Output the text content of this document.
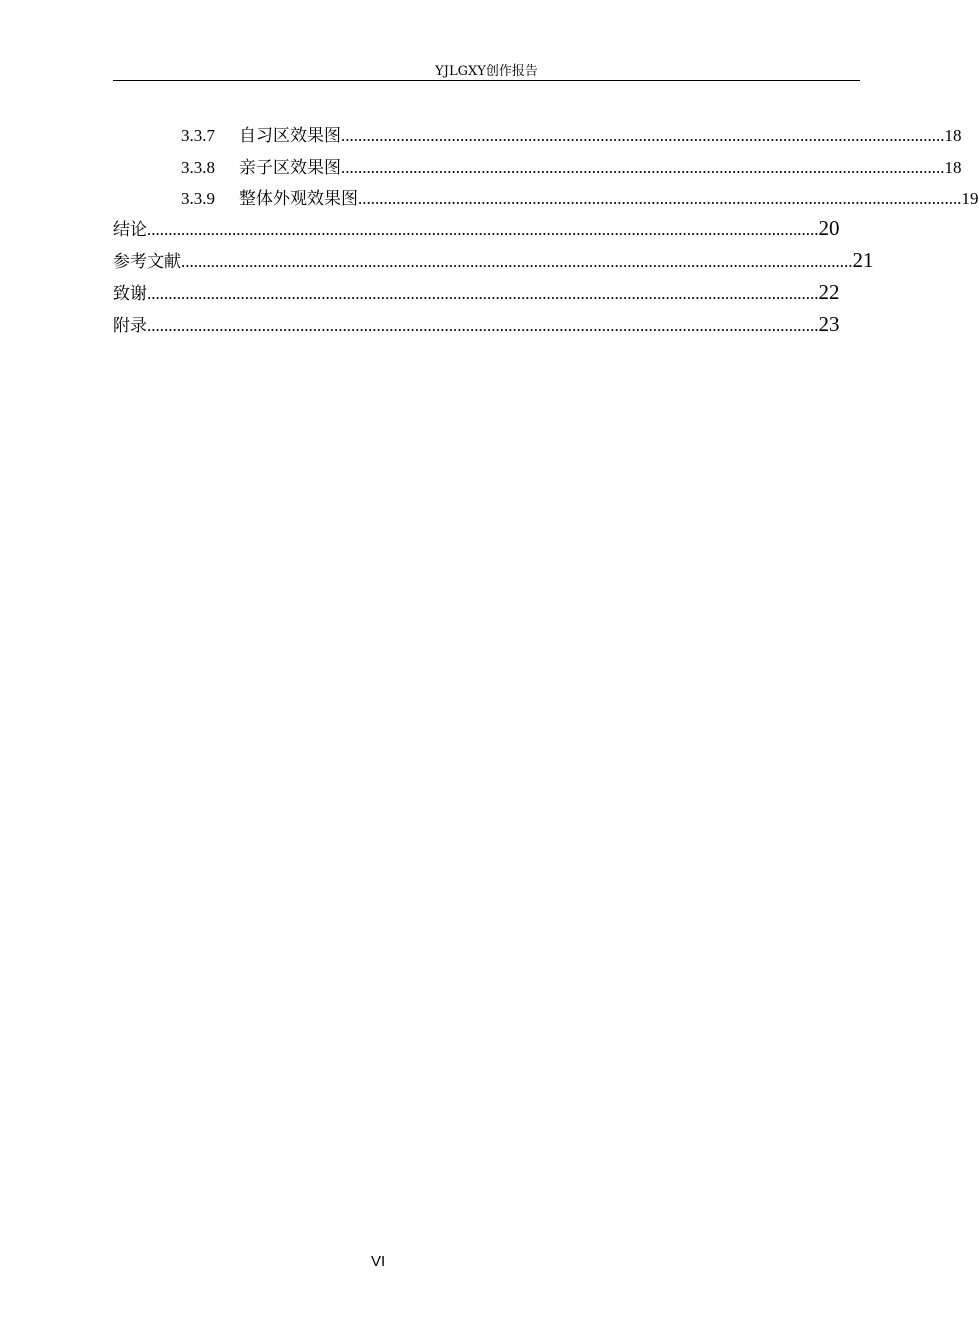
YJLGXY创作报告
3.3.7 自习区效果图 .............................................................................................................................................. 18
3.3.8 亲子区效果图 .............................................................................................................................................. 18
3.3.9 整体外观效果图 .............................................................................................................................................. 19
结论 .............................................................................................................................................................. 20
参考文献 .............................................................................................................................................................. 21
致谢 .............................................................................................................................................................. 22
附录 .............................................................................................................................................................. 23
VI
